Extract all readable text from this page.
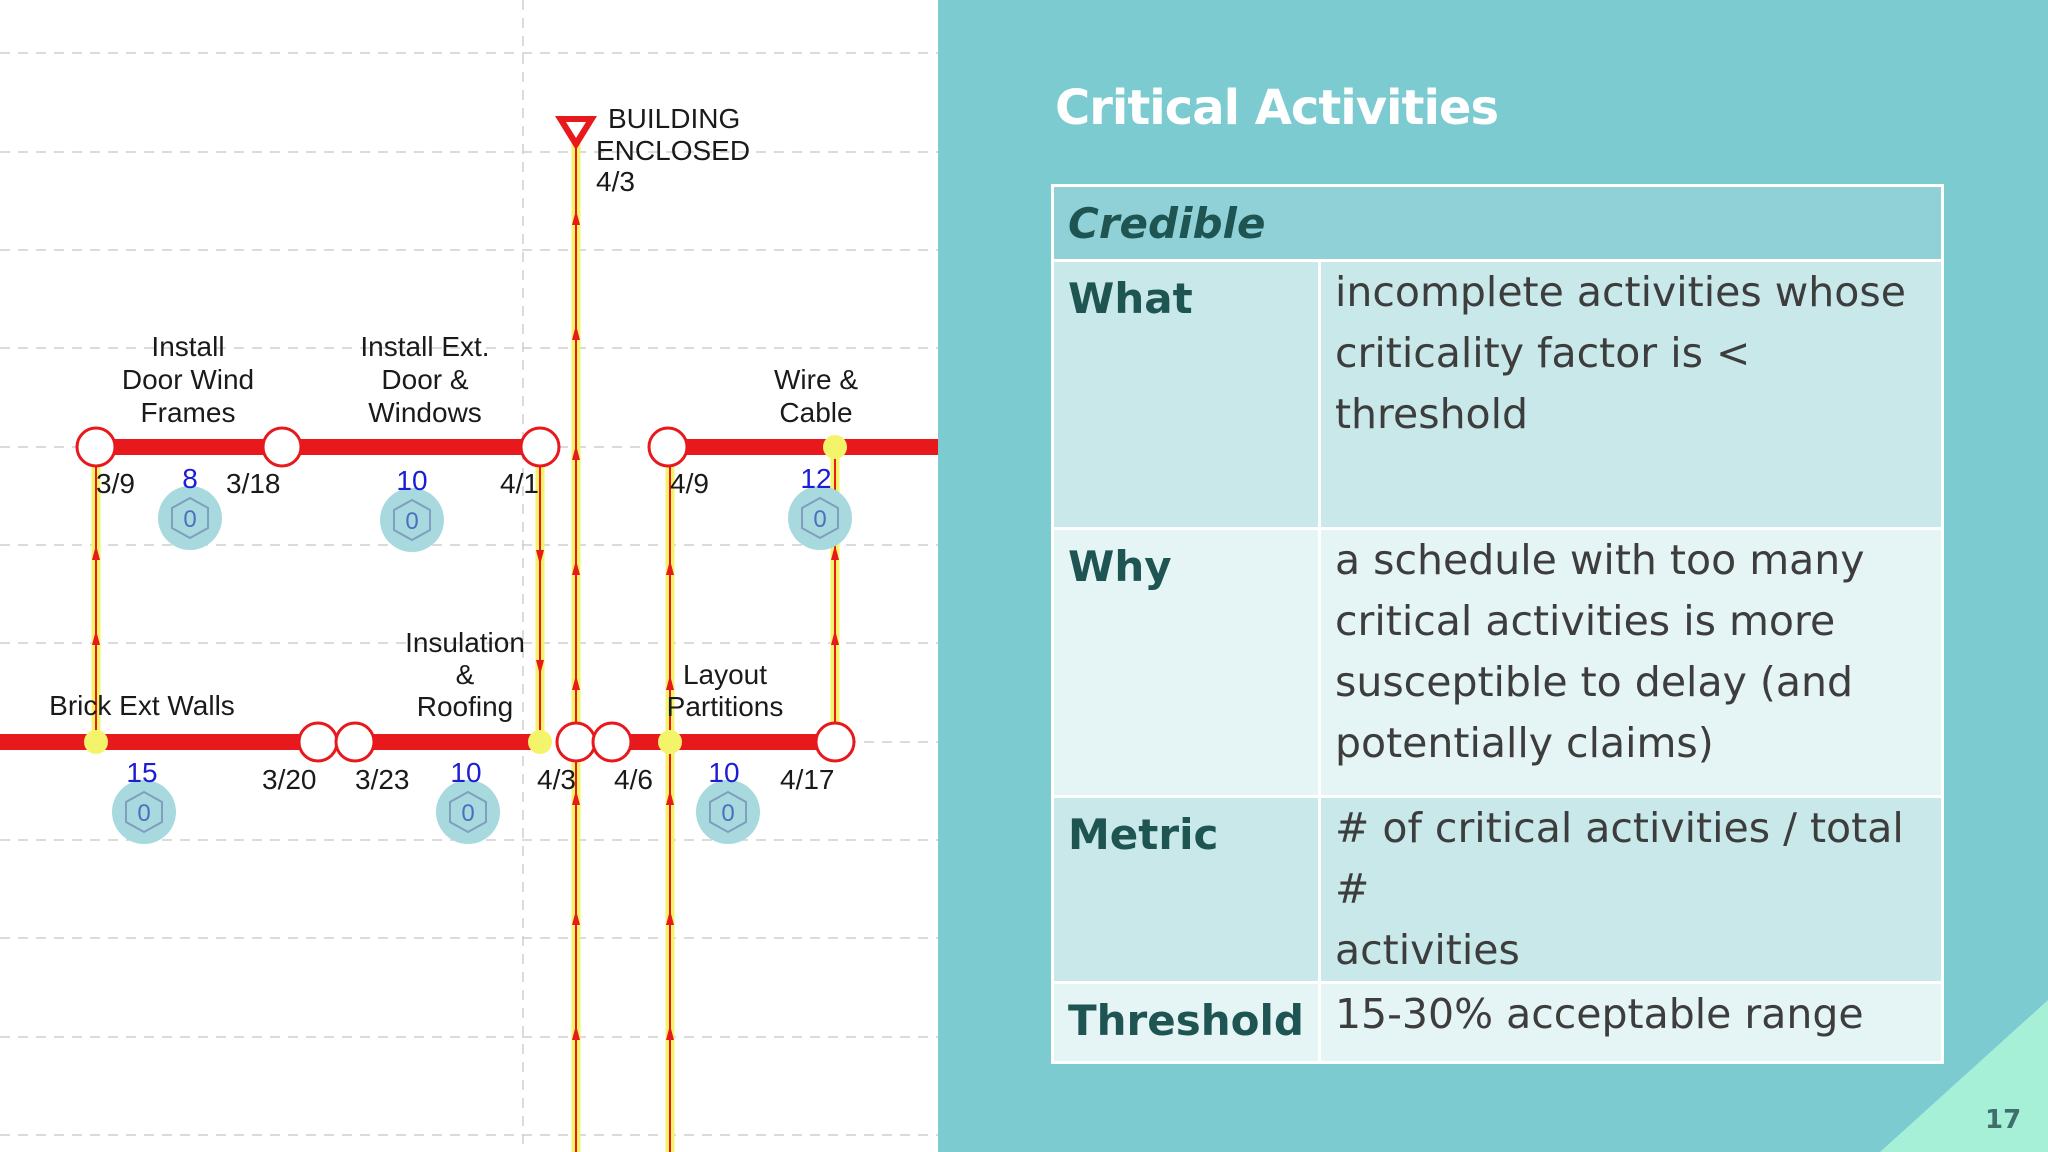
BUILDING
ENCLOSED
4/3
Install
Door Wind
Frames
Install Ext.
Door &
Windows
Wire &
Cable
Brick Ext Walls
Insulation
&
Roofing
Layout
Partitions
3/9	3/18	4/1	4/9
3/20 3/23	4/3 4/6	4/17
8	10	12
15	10	10
0	0	0
0	0	0
Critical Activities
Credible	
What	incomplete activities whose
criticality factor is <
threshold

Why	a schedule with too many
critical activities is more
susceptible to delay (and
potentially claims)

Metric	# of critical activities / total #
activities

Threshold	15-30% acceptable range
17
